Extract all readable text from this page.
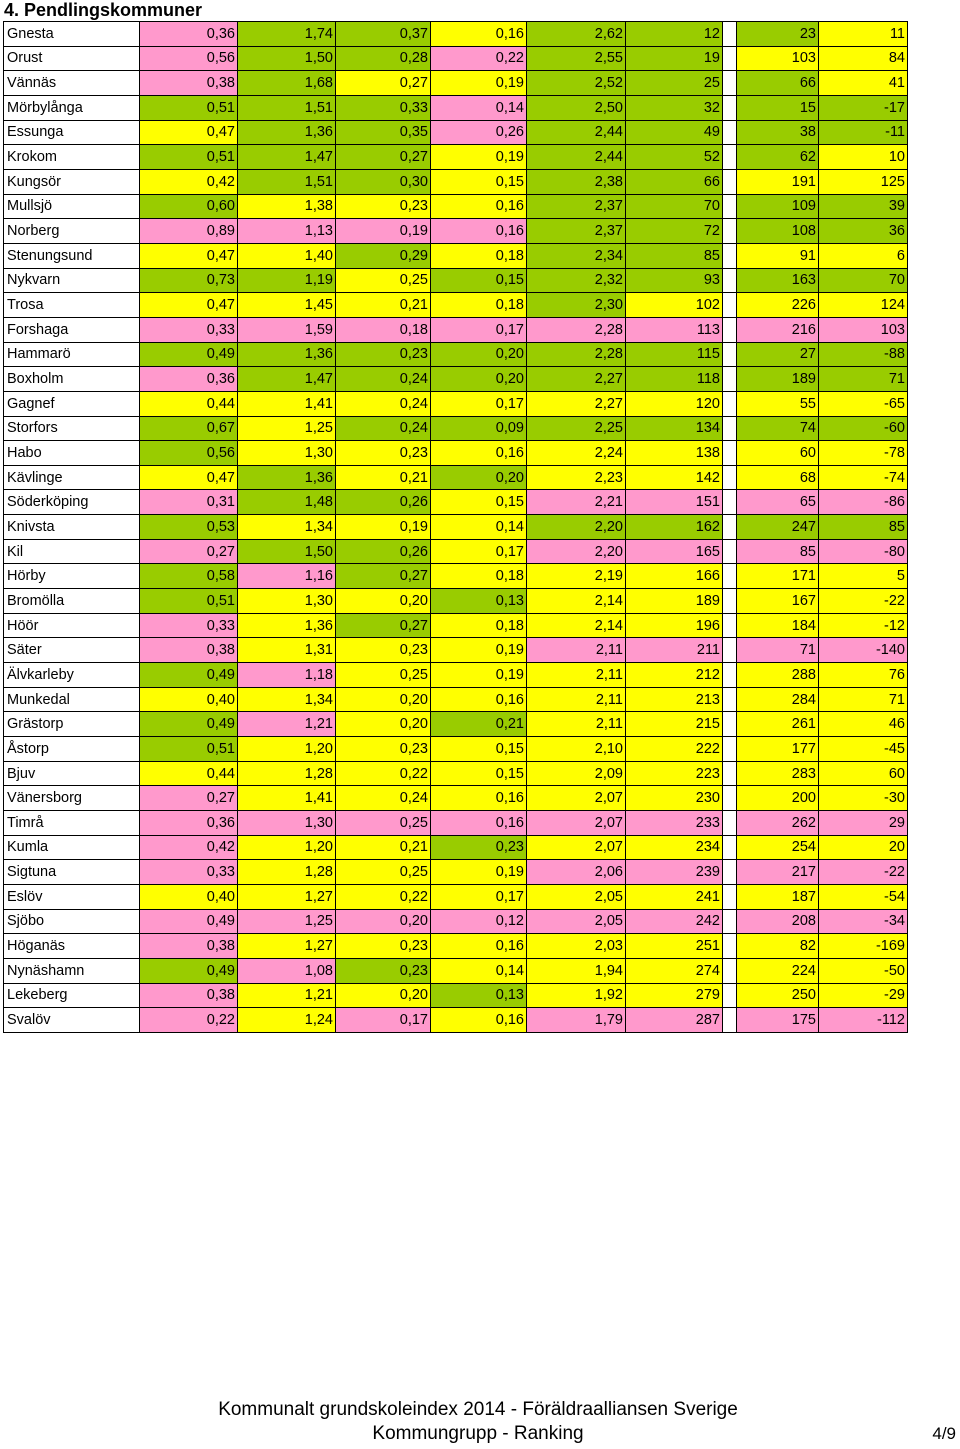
4. Pendlingskommuner
Gnesta	0,36	1,74	0,37	0,16	2,62	12		23	11
Orust	0,56	1,50	0,28	0,22	2,55	19		103	84
Vännäs	0,38	1,68	0,27	0,19	2,52	25		66	41
Mörbylånga	0,51	1,51	0,33	0,14	2,50	32		15	-17
Essunga	0,47	1,36	0,35	0,26	2,44	49		38	-11
Krokom	0,51	1,47	0,27	0,19	2,44	52		62	10
Kungsör	0,42	1,51	0,30	0,15	2,38	66		191	125
Mullsjö	0,60	1,38	0,23	0,16	2,37	70		109	39
Norberg	0,89	1,13	0,19	0,16	2,37	72		108	36
Stenungsund	0,47	1,40	0,29	0,18	2,34	85		91	6
Nykvarn	0,73	1,19	0,25	0,15	2,32	93		163	70
Trosa	0,47	1,45	0,21	0,18	2,30	102		226	124
Forshaga	0,33	1,59	0,18	0,17	2,28	113		216	103
Hammarö	0,49	1,36	0,23	0,20	2,28	115		27	-88
Boxholm	0,36	1,47	0,24	0,20	2,27	118		189	71
Gagnef	0,44	1,41	0,24	0,17	2,27	120		55	-65
Storfors	0,67	1,25	0,24	0,09	2,25	134		74	-60
Habo	0,56	1,30	0,23	0,16	2,24	138		60	-78
Kävlinge	0,47	1,36	0,21	0,20	2,23	142		68	-74
Söderköping	0,31	1,48	0,26	0,15	2,21	151		65	-86
Knivsta	0,53	1,34	0,19	0,14	2,20	162		247	85
Kil	0,27	1,50	0,26	0,17	2,20	165		85	-80
Hörby	0,58	1,16	0,27	0,18	2,19	166		171	5
Bromölla	0,51	1,30	0,20	0,13	2,14	189		167	-22
Höör	0,33	1,36	0,27	0,18	2,14	196		184	-12
Säter	0,38	1,31	0,23	0,19	2,11	211		71	-140
Älvkarleby	0,49	1,18	0,25	0,19	2,11	212		288	76
Munkedal	0,40	1,34	0,20	0,16	2,11	213		284	71
Grästorp	0,49	1,21	0,20	0,21	2,11	215		261	46
Åstorp	0,51	1,20	0,23	0,15	2,10	222		177	-45
Bjuv	0,44	1,28	0,22	0,15	2,09	223		283	60
Vänersborg	0,27	1,41	0,24	0,16	2,07	230		200	-30
Timrå	0,36	1,30	0,25	0,16	2,07	233		262	29
Kumla	0,42	1,20	0,21	0,23	2,07	234		254	20
Sigtuna	0,33	1,28	0,25	0,19	2,06	239		217	-22
Eslöv	0,40	1,27	0,22	0,17	2,05	241		187	-54
Sjöbo	0,49	1,25	0,20	0,12	2,05	242		208	-34
Höganäs	0,38	1,27	0,23	0,16	2,03	251		82	-169
Nynäshamn	0,49	1,08	0,23	0,14	1,94	274		224	-50
Lekeberg	0,38	1,21	0,20	0,13	1,92	279		250	-29
Svalöv	0,22	1,24	0,17	0,16	1,79	287		175	-112
Kommunalt grundskoleindex 2014 - Föräldraalliansen Sverige
Kommungrupp - Ranking	4/9
